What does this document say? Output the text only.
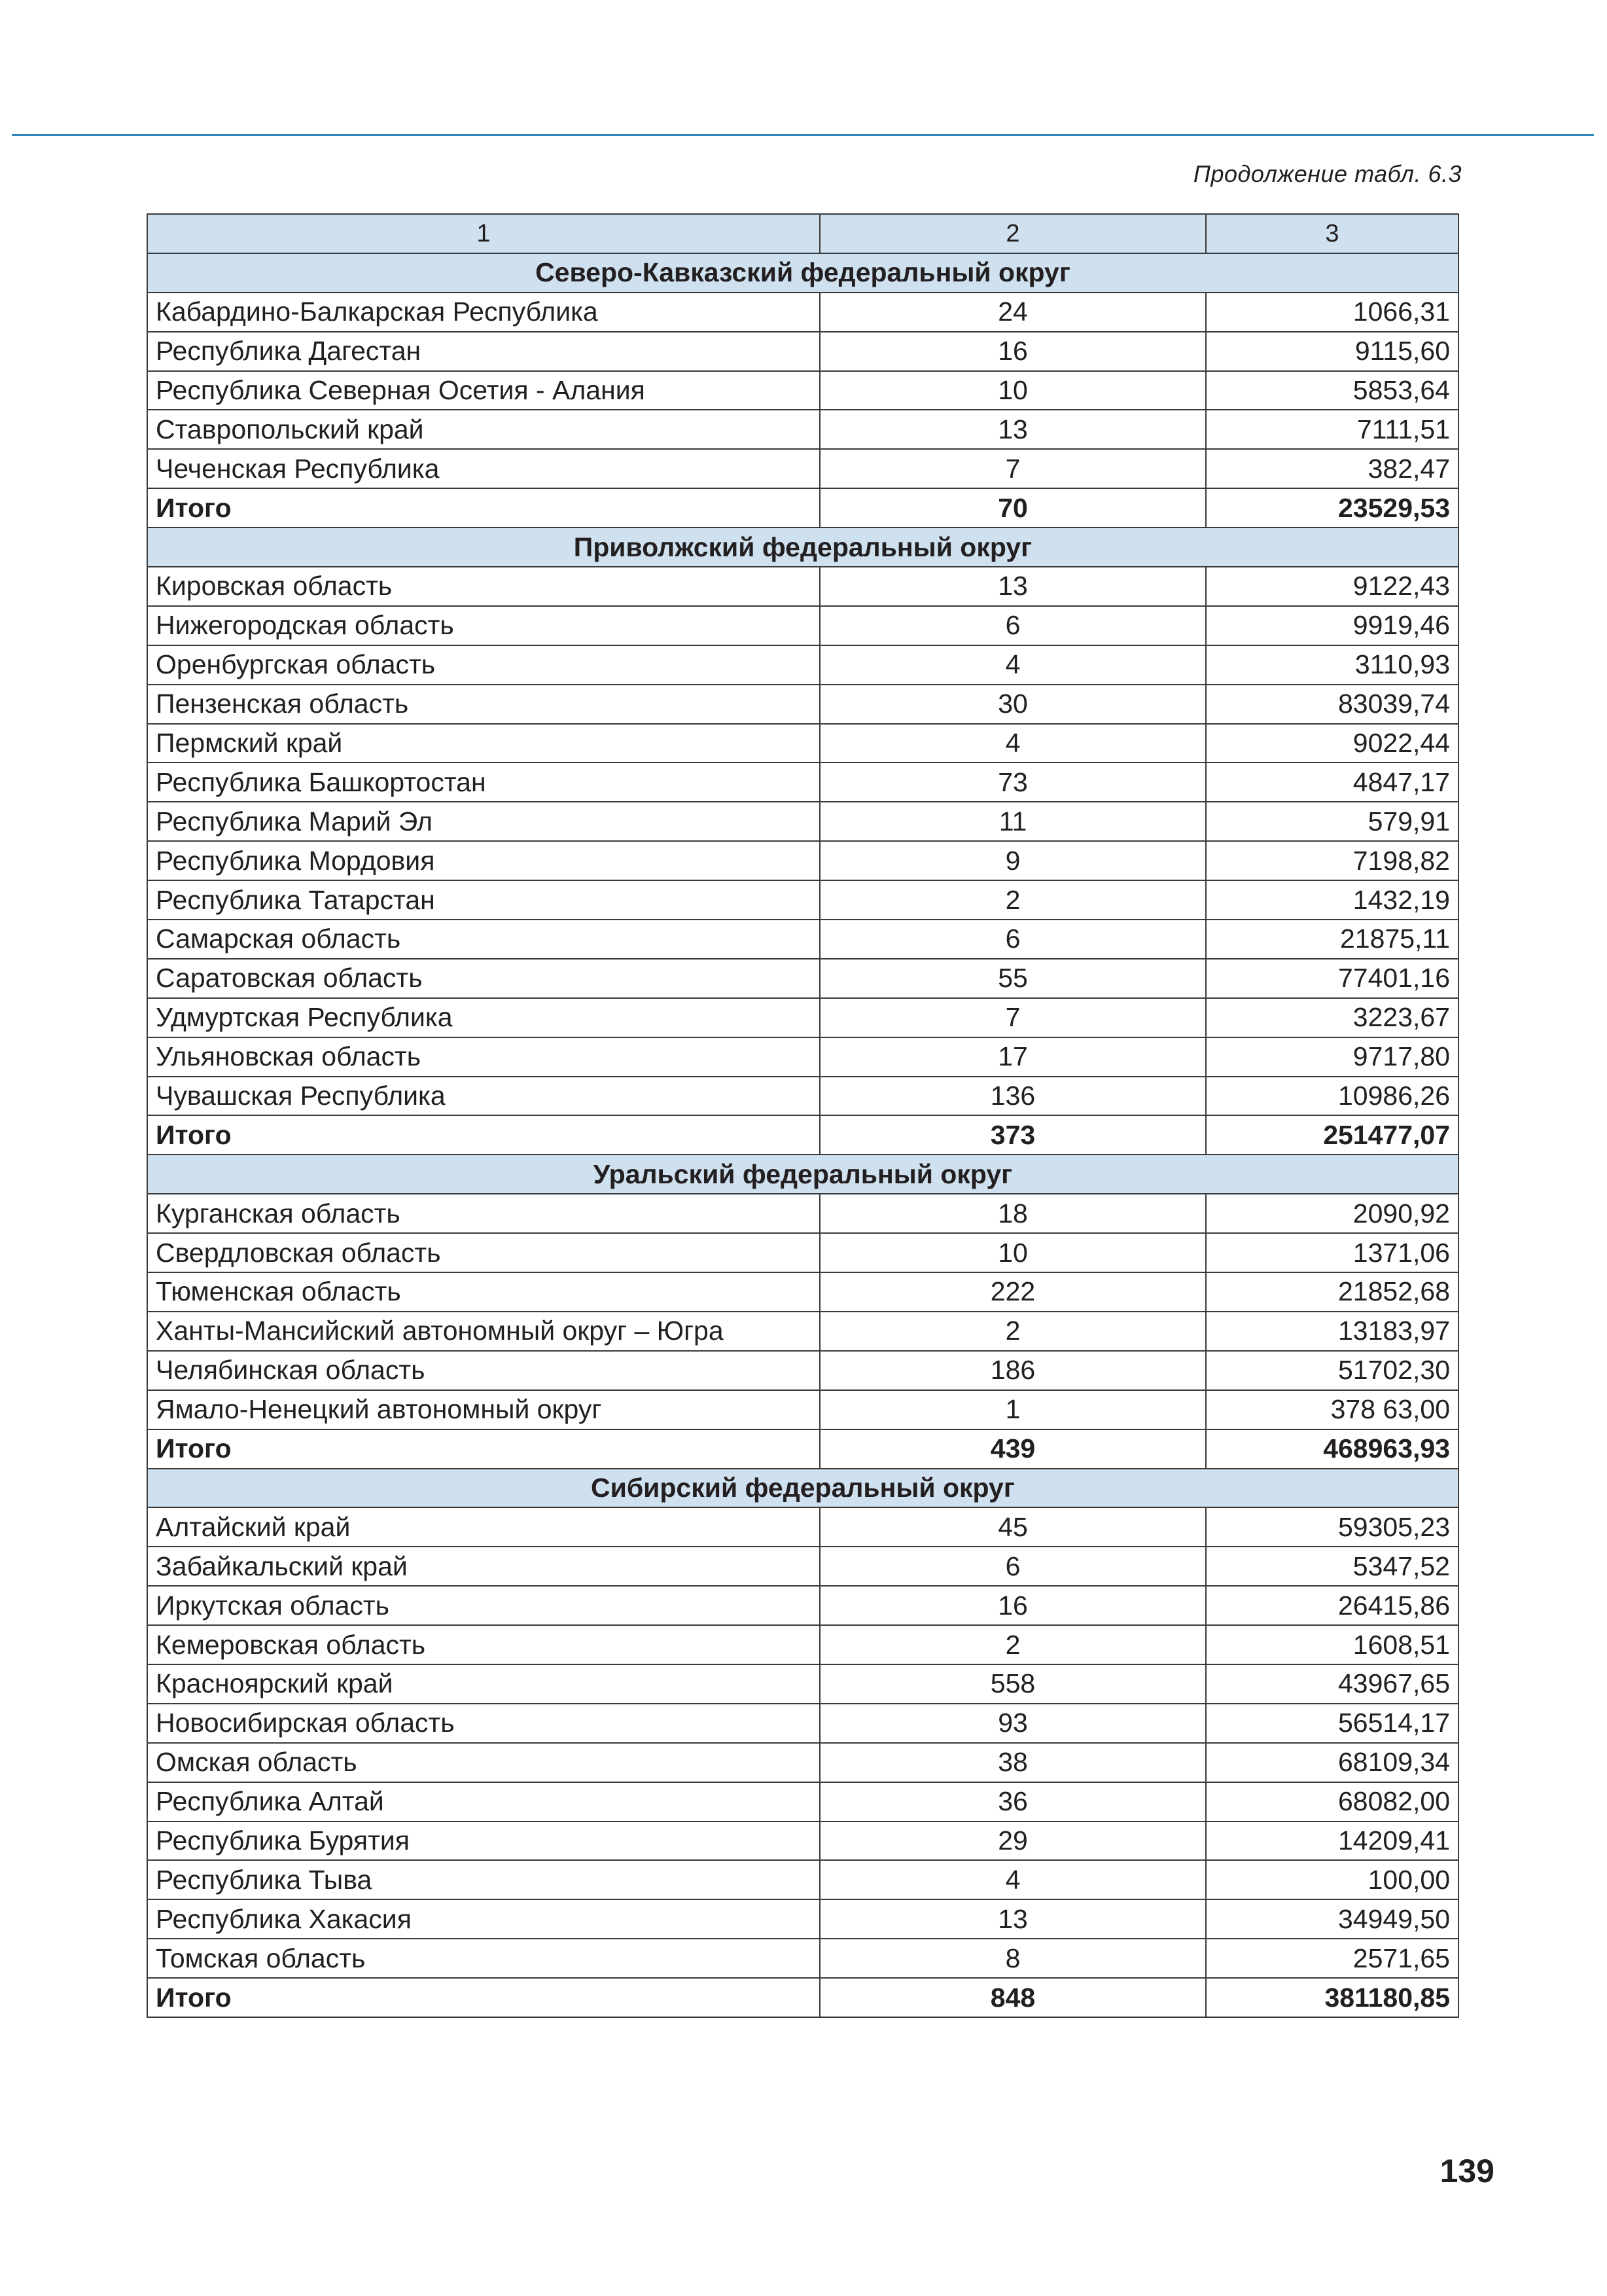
Продолжение табл. 6.3
1	2	3
Северо-Кавказский федеральный округ		
Кабардино-Балкарская Республика	24	1066,31
Республика Дагестан	16	9115,60
Республика Северная Осетия - Алания	10	5853,64
Ставропольский край	13	7111,51
Чеченская Республика	7	382,47
Итого	70	23529,53
Приволжский федеральный округ		
Кировская область	13	9122,43
Нижегородская область	6	9919,46
Оренбургская область	4	3110,93
Пензенская область	30	83039,74
Пермский край	4	9022,44
Республика Башкортостан	73	4847,17
Республика Марий Эл	11	579,91
Республика Мордовия	9	7198,82
Республика Татарстан	2	1432,19
Самарская область	6	21875,11
Саратовская область	55	77401,16
Удмуртская Республика	7	3223,67
Ульяновская область	17	9717,80
Чувашская Республика	136	10986,26
Итого	373	251477,07
Уральский федеральный округ		
Курганская область	18	2090,92
Свердловская область	10	1371,06
Тюменская область	222	21852,68
Ханты-Мансийский автономный округ – Югра	2	13183,97
Челябинская область	186	51702,30
Ямало-Ненецкий автономный округ	1	378 63,00
Итого	439	468963,93
Сибирский федеральный округ		
Алтайский край	45	59305,23
Забайкальский край	6	5347,52
Иркутская область	16	26415,86
Кемеровская область	2	1608,51
Красноярский край	558	43967,65
Новосибирская область	93	56514,17
Омская область	38	68109,34
Республика Алтай	36	68082,00
Республика Бурятия	29	14209,41
Республика Тыва	4	100,00
Республика Хакасия	13	34949,50
Томская область	8	2571,65
Итого	848	381180,85
139
